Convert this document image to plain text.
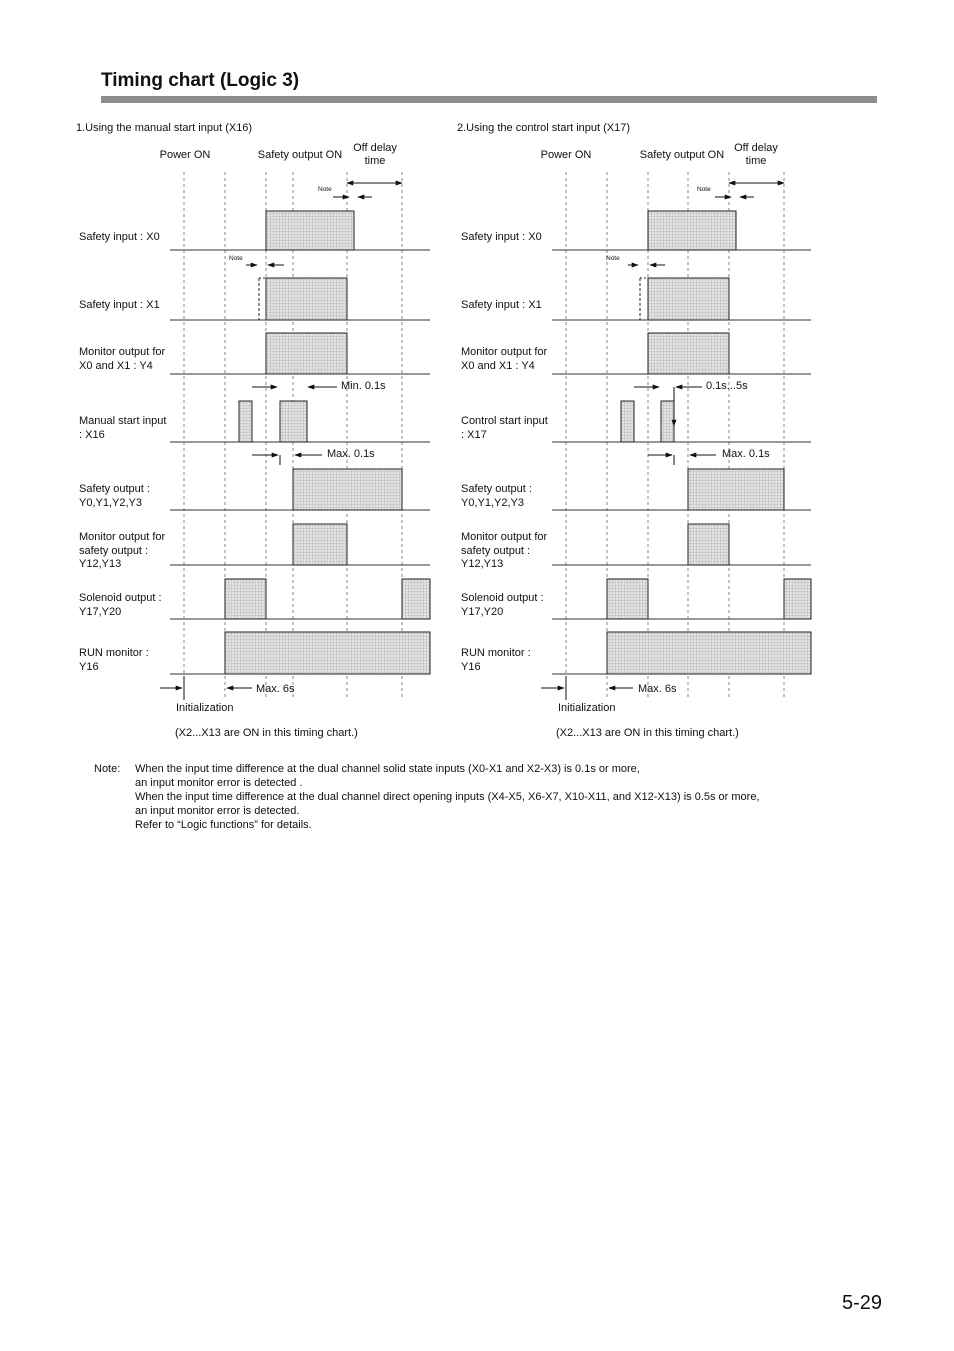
Timing chart (Logic 3)
1.Using the manual start input (X16)
Power ON	Safety output ON
Off delay time
Note
Note
Safety input : X0
Safety input : X1
Monitor output for X0 and X1 : Y4
Manual start input : X16
Safety output : Y0,Y1,Y2,Y3
Monitor output for safety output : Y12,Y13
Solenoid output : Y17,Y20
RUN monitor : Y16
Min. 0.1s
Max. 0.1s
Max. 6s
Initialization
(X2...X13 are ON in this timing chart.)
2.Using the control start input (X17)
Power ON	Safety output ON
Off delay time
Note
Note
Safety input : X0
Safety input : X1
Monitor output for X0 and X1 : Y4
Control start input : X17
Safety output : Y0,Y1,Y2,Y3
Monitor output for safety output : Y12,Y13
Solenoid output : Y17,Y20
RUN monitor : Y16
0.1s...5s
Max. 0.1s
Max. 6s
Initialization
(X2...X13 are ON in this timing chart.)
Note: When the input time difference at the dual channel solid state inputs (X0-X1 and X2-X3) is 0.1s or more,
an input monitor error is detected .
When the input time difference at the dual channel direct opening inputs (X4-X5, X6-X7, X10-X11, and X12-X13) is 0.5s or more,
an input monitor error is detected.
Refer to “Logic functions” for details.
5-29
